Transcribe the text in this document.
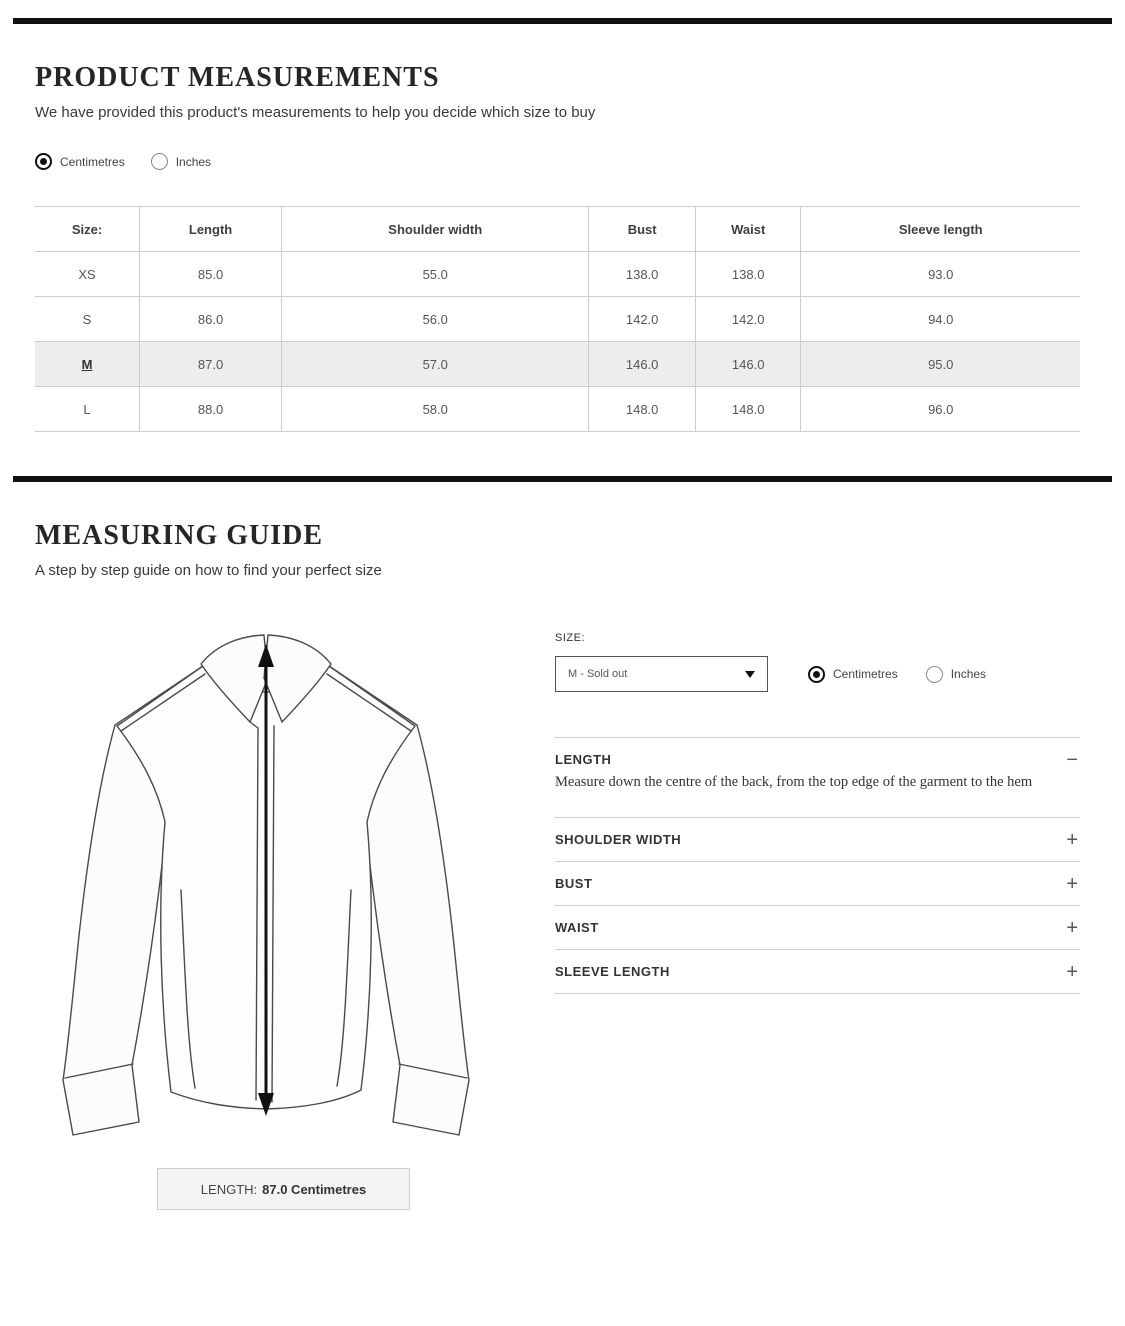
PRODUCT MEASUREMENTS

We have provided this product's measurements to help you decide which size to buy

Centimetres	Inches
Size:	Length	Shoulder width	Bust	Waist	Sleeve length
XS	85.0	55.0	138.0	138.0	93.0
S	86.0	56.0	142.0	142.0	94.0
M	87.0	57.0	146.0	146.0	95.0
L	88.0	58.0	148.0	148.0	96.0
MEASURING GUIDE

A step by step guide on how to find your perfect size

LENGTH: 87.0 Centimetres
SIZE:
M - Sold out	Centimetres	Inches
LENGTH	−

Measure down the centre of the back, from the top edge of the garment to the hem

SHOULDER WIDTH	+
BUST	+
WAIST	+
SLEEVE LENGTH	+
